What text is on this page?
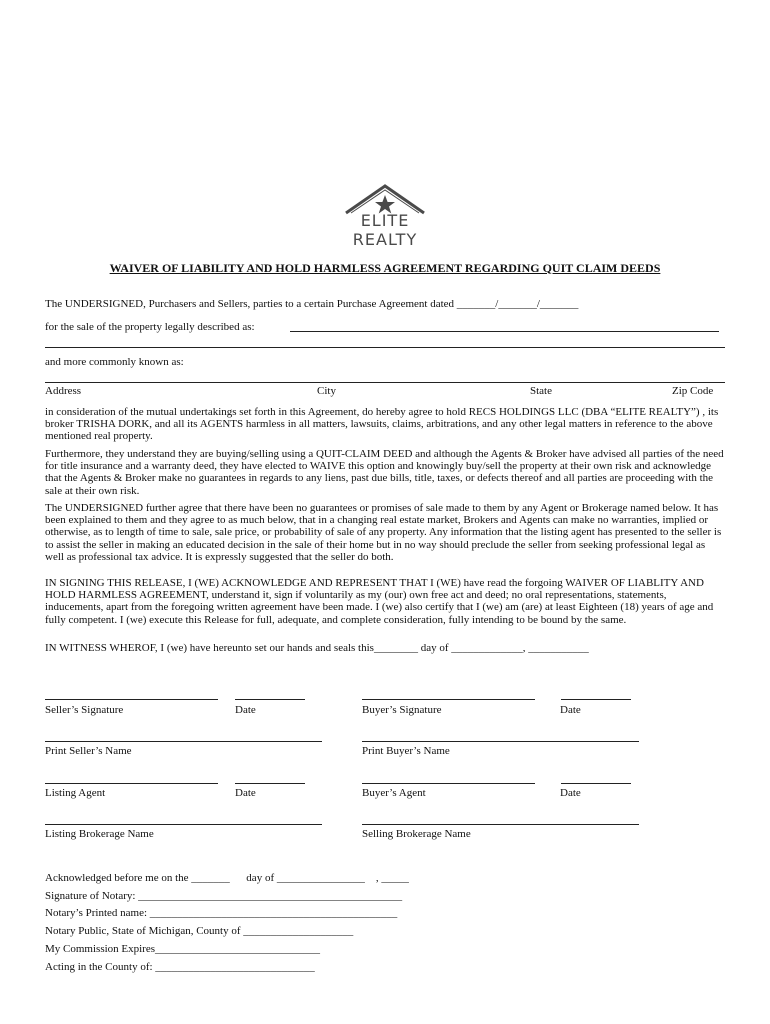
ELITE
REALTY
WAIVER OF LIABILITY AND HOLD HARMLESS AGREEMENT REGARDING QUIT CLAIM DEEDS
The UNDERSIGNED, Purchasers and Sellers, parties to a certain Purchase Agreement dated _______/_______/_______
for the sale of the property legally described as:
and more commonly known as:
Address	City	State	Zip Code
in consideration of the mutual undertakings set forth in this Agreement, do hereby agree to hold RECS HOLDINGS LLC (DBA “ELITE REALTY”) , its broker TRISHA DORK, and all its AGENTS harmless in all matters, lawsuits, claims, arbitrations, and any other legal matters in reference to the above mentioned real property.
Furthermore, they understand they are buying/selling using a QUIT-CLAIM DEED and although the Agents & Broker have advised all parties of the need for title insurance and a warranty deed, they have elected to WAIVE this option and knowingly buy/sell the property at their own risk and acknowledge that the Agents & Broker make no guarantees in regards to any liens, past due bills, title, taxes, or defects thereof and all parties are proceeding with the sale at their own risk.
The UNDERSIGNED further agree that there have been no guarantees or promises of sale made to them by any Agent or Brokerage named below. It has been explained to them and they agree to as much below, that in a changing real estate market, Brokers and Agents can make no warranties, implied or otherwise, as to length of time to sale, sale price, or probability of sale of any property. Any information that the listing agent has presented to the seller is to assist the seller in making an educated decision in the sale of their home but in no way should preclude the seller from seeking professional legal as well as professional tax advice. It is expressly suggested that the seller do both.
IN SIGNING THIS RELEASE, I (WE) ACKNOWLEDGE AND REPRESENT THAT I (WE) have read the forgoing WAIVER OF LIABLITY AND HOLD HARMLESS AGREEMENT, understand it, sign if voluntarily as my (our) own free act and deed; no oral representations, statements, inducements, apart from the foregoing written agreement have been made. I (we) also certify that I (we) am (are) at least Eighteen (18) years of age and fully competent. I (we) execute this Release for full, adequate, and complete consideration, fully intending to be bound by the same.
IN WITNESS WHEROF, I (we) have hereunto set our hands and seals this________ day of _____________, ___________
Seller’s Signature	Date	Buyer’s Signature	Date
Print Seller’s Name	Print Buyer’s Name
Listing Agent	Date	Buyer’s Agent	Date
Listing Brokerage Name	Selling Brokerage Name
Acknowledged before me on the _______      day of ________________    , _____
Signature of Notary: ________________________________________________
Notary’s Printed name: _____________________________________________
Notary Public, State of Michigan, County of ____________________
My Commission Expires______________________________
Acting in the County of: _____________________________
